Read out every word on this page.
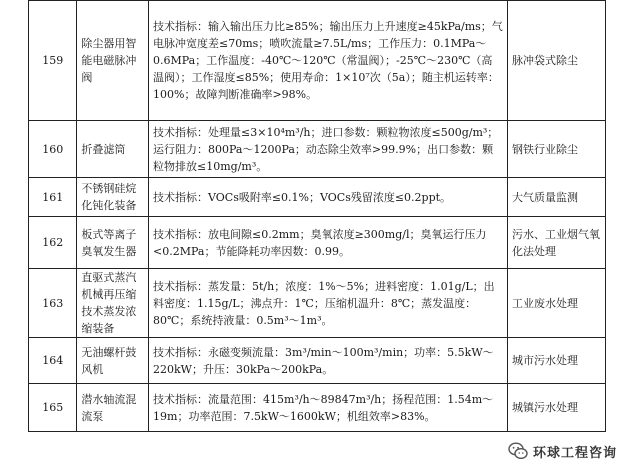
159	除尘器用智能电磁脉冲阀	技术指标：输入输出压力比≥85%；输出压力上升速度≥45kPa/ms；气电脉冲宽度差≤70ms；喷吹流量≥7.5L/ms；工作压力：0.1MPa～0.6MPa；工作温度：-40℃～120℃（常温阀）；-25℃～230℃（高温阀）；工作湿度≤85%；使用寿命：1×10⁷次（5a）；随主机运转率：100%；故障判断准确率>98%。	脉冲袋式除尘
160	折叠滤筒	技术指标：处理量≤3×10⁴m³/h；进口参数：颗粒物浓度≤500g/m³；运行阻力：800Pa～1200Pa；动态除尘效率>99.9%；出口参数：颗粒物排放≤10mg/m³。	钢铁行业除尘
161	不锈钢硅烷化钝化装备	技术指标：VOCs吸附率≤0.1%；VOCs残留浓度≤0.2ppt。	大气质量监测
162	板式等离子臭氧发生器	技术指标：放电间隙≤0.2mm；臭氧浓度≥300mg/l；臭氧运行压力<0.2MPa；节能降耗功率因数：0.99。	污水、工业烟气氧化法处理
163	直驱式蒸汽机械再压缩技术蒸发浓缩装备	技术指标：蒸发量：5t/h；浓度：1%～5%；进料密度：1.01g/L；出料密度：1.15g/L；沸点升：1℃；压缩机温升：8℃；蒸发温度：80℃；系统持液量：0.5m³～1m³。	工业废水处理
164	无油螺杆鼓风机	技术指标：永磁变频流量：3m³/min～100m³/min；功率：5.5kW～220kW；升压：30kPa～200kPa。	城市污水处理
165	潜水轴流混流泵	技术指标：流量范围：415m³/h～89847m³/h；扬程范围：1.54m～19m；功率范围：7.5kW～1600kW；机组效率>83%。	城镇污水处理
环球工程咨询
